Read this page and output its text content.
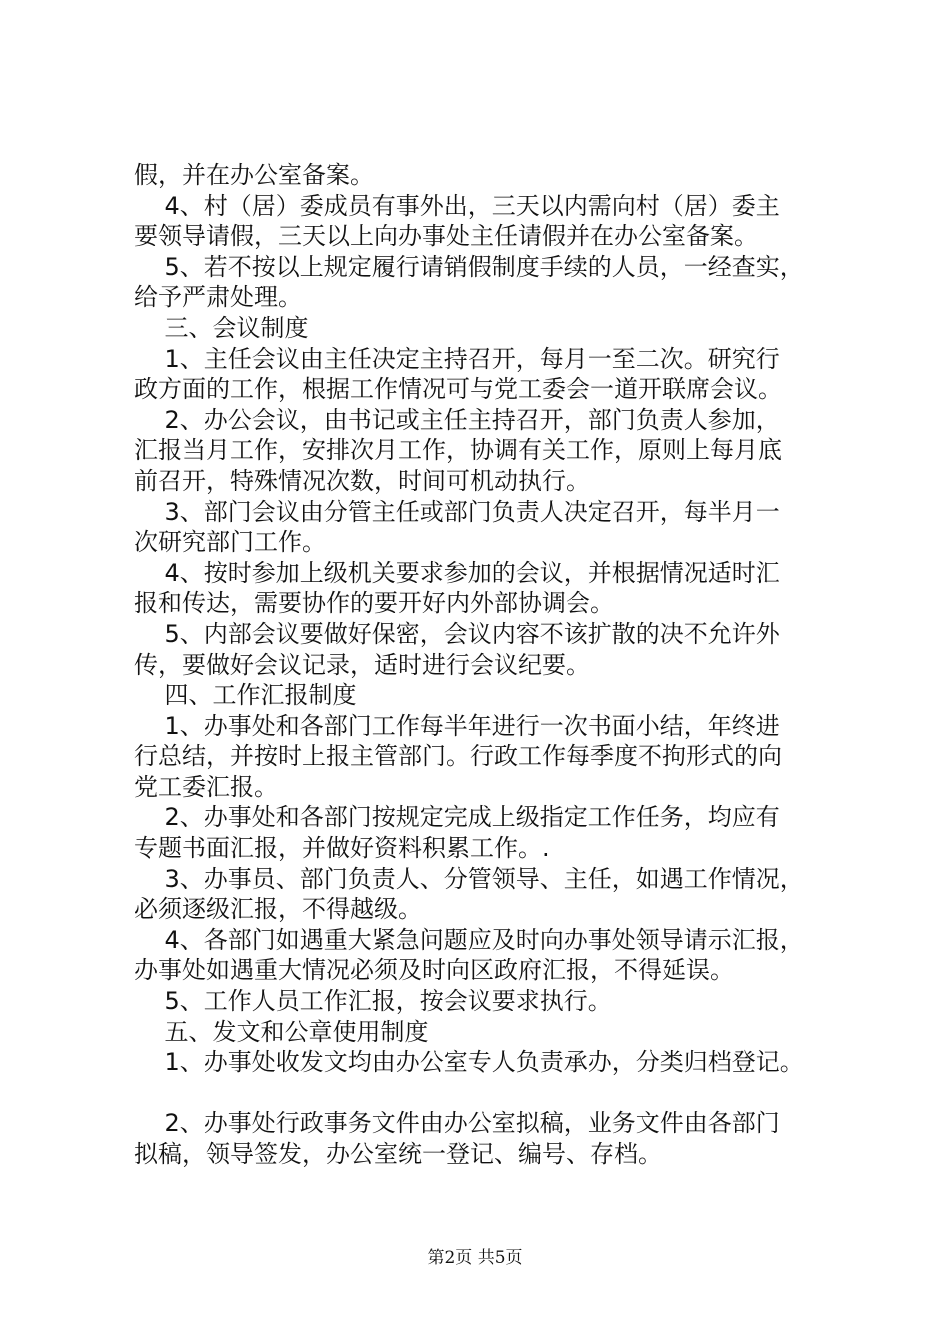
假，并在办公室备案。

4、村（居）委成员有事外出，三天以内需向村（居）委主

要领导请假，三天以上向办事处主任请假并在办公室备案。

5、若不按以上规定履行请销假制度手续的人员，一经查实，

给予严肃处理。

三、会议制度

1、主任会议由主任决定主持召开，每月一至二次。研究行

政方面的工作，根据工作情况可与党工委会一道开联席会议。

2、办公会议，由书记或主任主持召开，部门负责人参加，

汇报当月工作，安排次月工作，协调有关工作，原则上每月底

前召开，特殊情况次数，时间可机动执行。

3、部门会议由分管主任或部门负责人决定召开，每半月一

次研究部门工作。

4、按时参加上级机关要求参加的会议，并根据情况适时汇

报和传达，需要协作的要开好内外部协调会。

5、内部会议要做好保密，会议内容不该扩散的决不允许外

传，要做好会议记录，适时进行会议纪要。

四、工作汇报制度

1、办事处和各部门工作每半年进行一次书面小结，年终进

行总结，并按时上报主管部门。行政工作每季度不拘形式的向

党工委汇报。

2、办事处和各部门按规定完成上级指定工作任务，均应有

专题书面汇报，并做好资料积累工作。.

3、办事员、部门负责人、分管领导、主任，如遇工作情况，

必须逐级汇报，不得越级。

4、各部门如遇重大紧急问题应及时向办事处领导请示汇报，

办事处如遇重大情况必须及时向区政府汇报，不得延误。

5、工作人员工作汇报，按会议要求执行。

五、发文和公章使用制度

1、办事处收发文均由办公室专人负责承办，分类归档登记。

2、办事处行政事务文件由办公室拟稿，业务文件由各部门

拟稿，领导签发，办公室统一登记、编号、存档。

第2页 共5页
